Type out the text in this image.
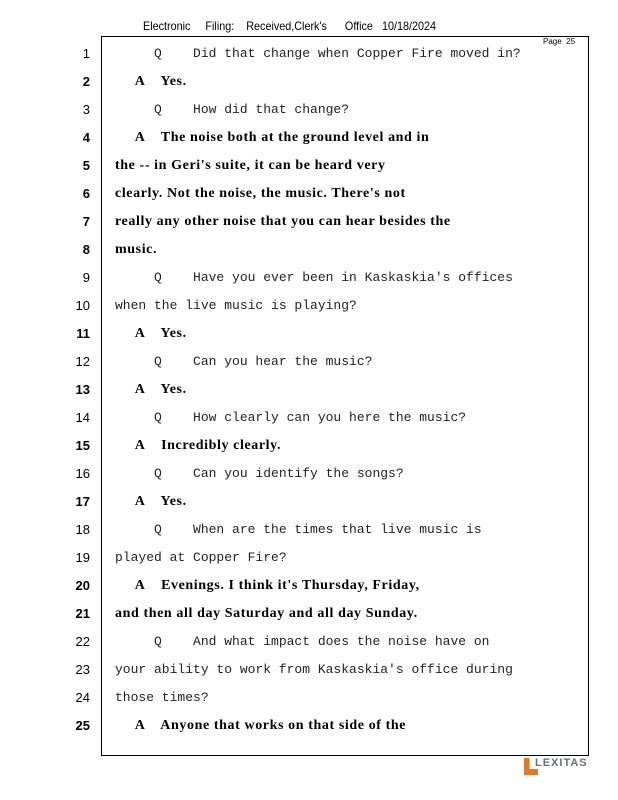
Electronic     Filing:    Received,Clerk's      Office   10/18/2024
Page 25
1 Q    Did that change when Copper Fire moved in?
2 A    Yes.
3 Q    How did that change?
4 A    The noise both at the ground level and in
5 the -- in Geri's suite, it can be heard very
6 clearly. Not the noise, the music. There's not
7 really any other noise that you can hear besides the
8 music.
9 Q    Have you ever been in Kaskaskia's offices
10 when the live music is playing?
11 A    Yes.
12 Q    Can you hear the music?
13 A    Yes.
14 Q    How clearly can you here the music?
15 A    Incredibly clearly.
16 Q    Can you identify the songs?
17 A    Yes.
18 Q    When are the times that live music is
19 played at Copper Fire?
20 A    Evenings. I think it's Thursday, Friday,
21 and then all day Saturday and all day Sunday.
22 Q    And what impact does the noise have on
23 your ability to work from Kaskaskia's office during
24 those times?
25 A    Anyone that works on that side of the
LEXITAS
